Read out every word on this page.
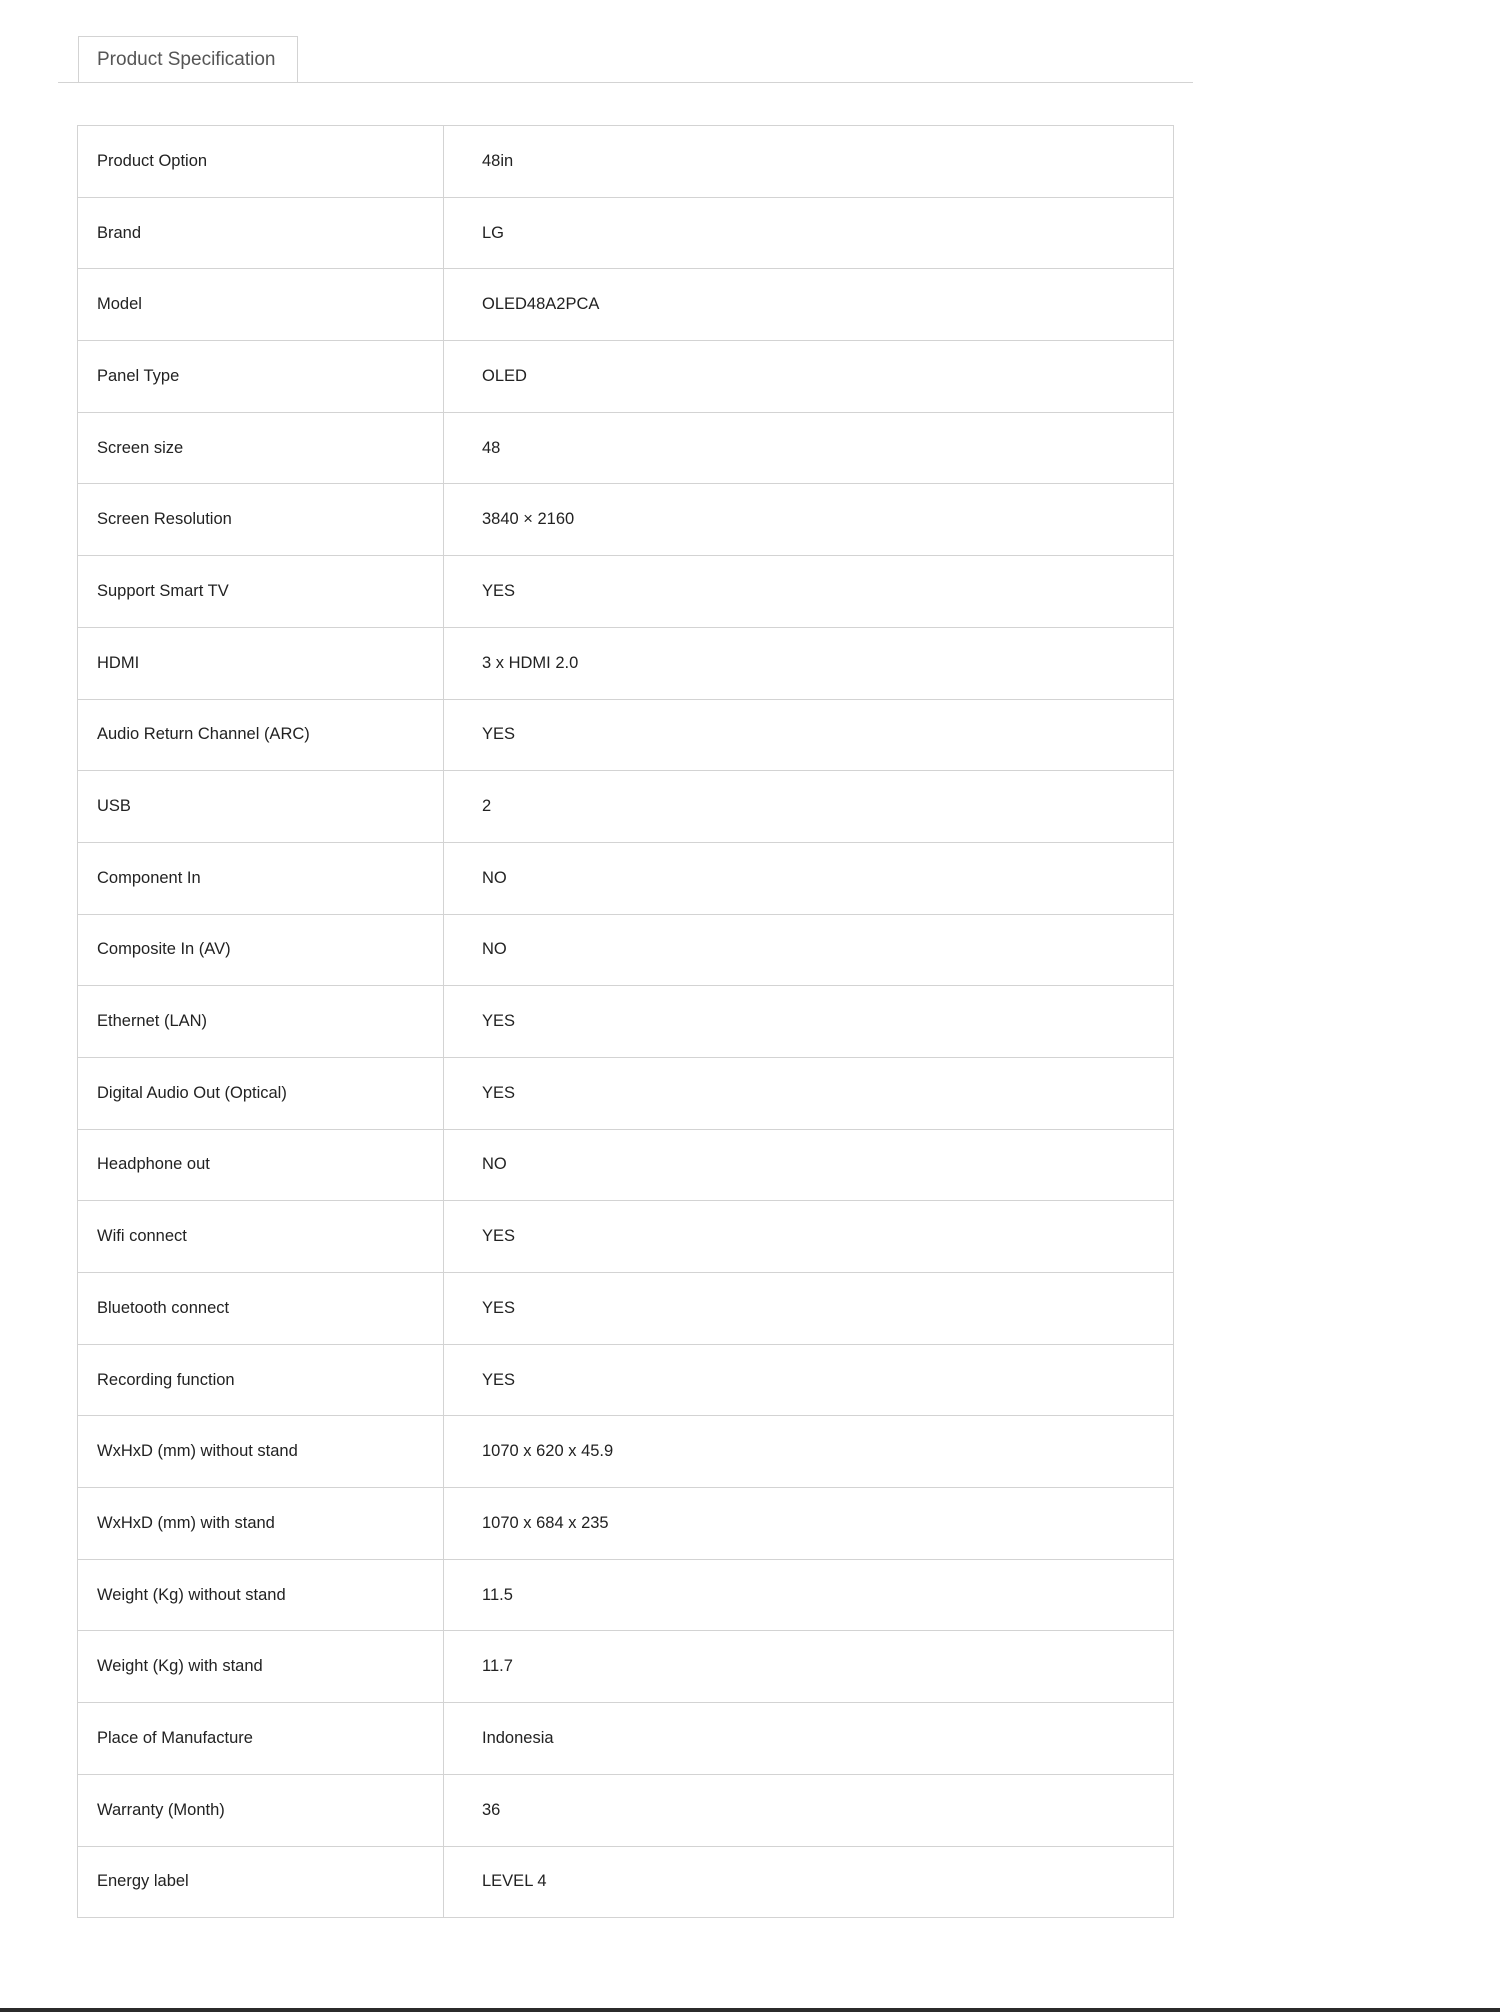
Product Specification
Product Option	48in
Brand	LG
Model	OLED48A2PCA
Panel Type	OLED
Screen size	48
Screen Resolution	3840 × 2160
Support Smart TV	YES
HDMI	3 x HDMI 2.0
Audio Return Channel (ARC)	YES
USB	2
Component In	NO
Composite In (AV)	NO
Ethernet (LAN)	YES
Digital Audio Out (Optical)	YES
Headphone out	NO
Wifi connect	YES
Bluetooth connect	YES
Recording function	YES
WxHxD (mm) without stand	1070 x 620 x 45.9
WxHxD (mm) with stand	1070 x 684 x 235
Weight (Kg) without stand	11.5
Weight (Kg) with stand	11.7
Place of Manufacture	Indonesia
Warranty (Month)	36
Energy label	LEVEL 4
